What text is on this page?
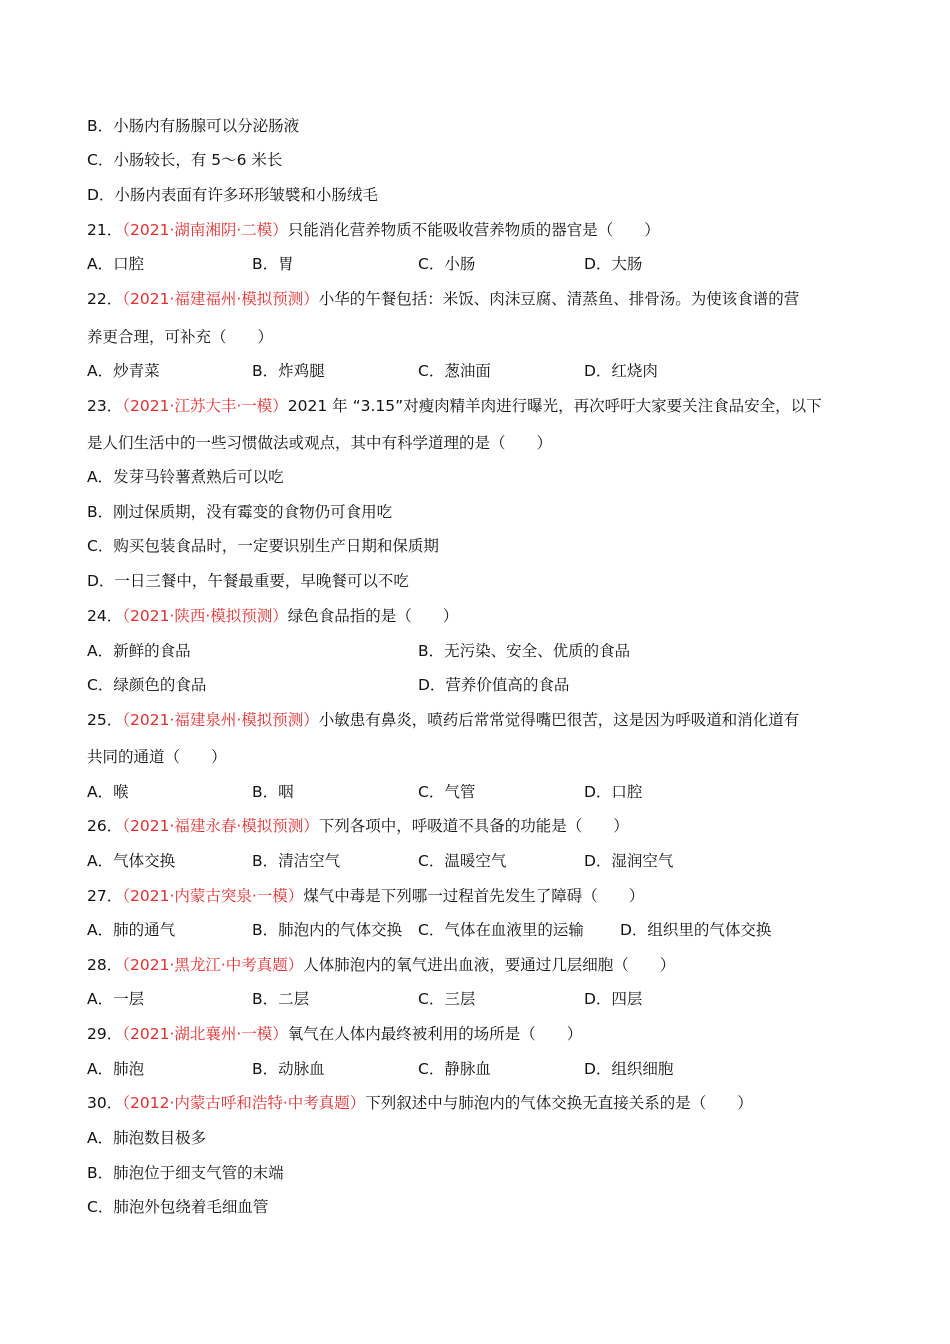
B．小肠内有肠腺可以分泌肠液
C．小肠较长，有 5～6 米长
D．小肠内表面有许多环形皱襞和小肠绒毛
21．（2021·湖南湘阴·二模）只能消化营养物质不能吸收营养物质的器官是（　　）
A．口腔	B．胃	C．小肠	D．大肠
22．（2021·福建福州·模拟预测）小华的午餐包括：米饭、肉沫豆腐、清蒸鱼、排骨汤。为使该食谱的营
养更合理，可补充（　　）
A．炒青菜	B．炸鸡腿	C．葱油面	D．红烧肉
23．（2021·江苏大丰·一模）2021 年 “3.15”对瘦肉精羊肉进行曝光，再次呼吁大家要关注食品安全，以下
是人们生活中的一些习惯做法或观点，其中有科学道理的是（　　）
A．发芽马铃薯煮熟后可以吃
B．刚过保质期，没有霉变的食物仍可食用吃
C．购买包装食品时，一定要识别生产日期和保质期
D．一日三餐中，午餐最重要，早晚餐可以不吃
24．（2021·陕西·模拟预测）绿色食品指的是（　　）
A．新鲜的食品	B．无污染、安全、优质的食品
C．绿颜色的食品	D．营养价值高的食品
25．（2021·福建泉州·模拟预测）小敏患有鼻炎，喷药后常常觉得嘴巴很苦，这是因为呼吸道和消化道有
共同的通道（　　）
A．喉	B．咽	C．气管	D．口腔
26．（2021·福建永春·模拟预测）下列各项中，呼吸道不具备的功能是（　　）
A．气体交换	B．清洁空气	C．温暖空气	D．湿润空气
27．（2021·内蒙古突泉·一模）煤气中毒是下列哪一过程首先发生了障碍（　　）
A．肺的通气	B．肺泡内的气体交换 C．气体在血液里的运输 D．组织里的气体交换
28．（2021·黑龙江·中考真题）人体肺泡内的氧气进出血液，要通过几层细胞（　　）
A．一层	B．二层	C．三层	D．四层
29．（2021·湖北襄州·一模）氧气在人体内最终被利用的场所是（　　）
A．肺泡	B．动脉血	C．静脉血	D．组织细胞
30．（2012·内蒙古呼和浩特·中考真题）下列叙述中与肺泡内的气体交换无直接关系的是（　　）
A．肺泡数目极多
B．肺泡位于细支气管的末端
C．肺泡外包绕着毛细血管
